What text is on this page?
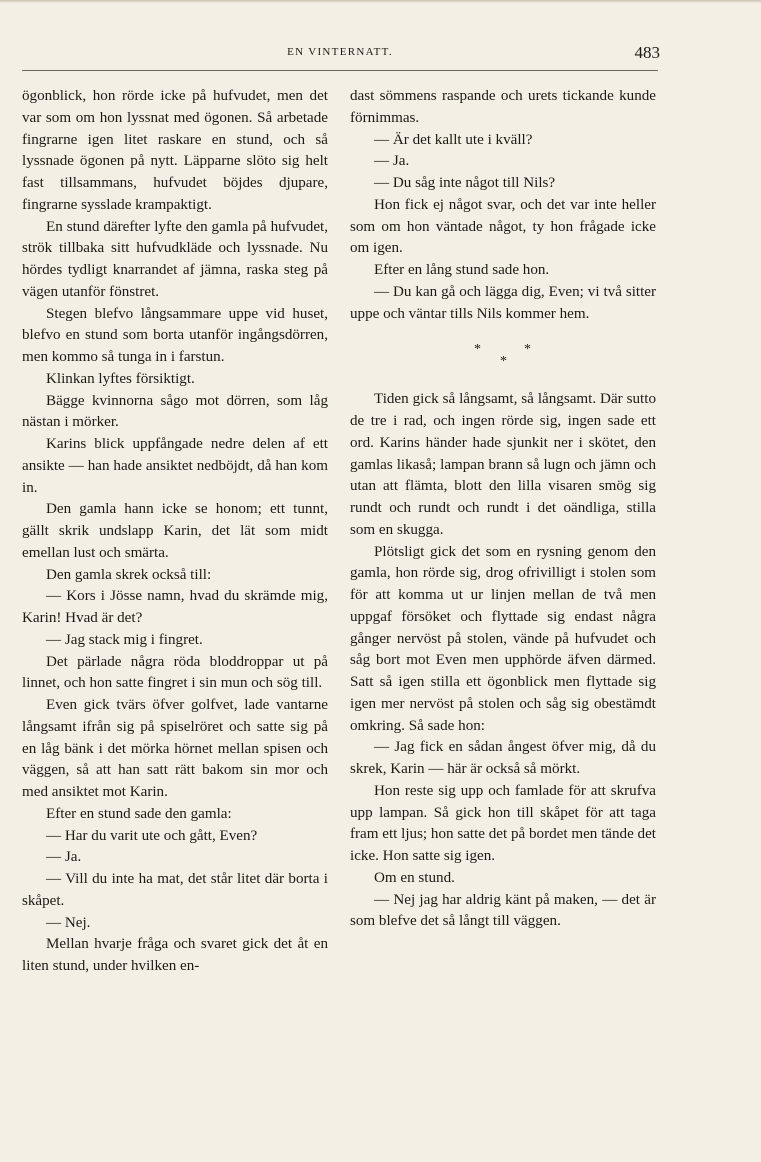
EN VINTERNATT.	483

ögonblick, hon rörde icke på hufvudet, men det var som om hon lyssnat med ögonen. Så arbetade fingrarne igen litet raskare en stund, och så lyssnade ögonen på nytt. Läpparne slöto sig helt fast tillsammans, hufvudet böjdes djupare, fingrarne sysslade krampaktigt.

En stund därefter lyfte den gamla på hufvudet, strök tillbaka sitt hufvudkläde och lyssnade. Nu hördes tydligt knarrandet af jämna, raska steg på vägen utanför fönstret.

Stegen blefvo långsammare uppe vid huset, blefvo en stund som borta utanför ingångsdörren, men kommo så tunga in i farstun.

Klinkan lyftes försiktigt.

Bägge kvinnorna sågo mot dörren, som låg nästan i mörker.

Karins blick uppfångade nedre delen af ett ansikte — han hade ansiktet nedböjdt, då han kom in.

Den gamla hann icke se honom; ett tunnt, gällt skrik undslapp Karin, det lät som midt emellan lust och smärta.

Den gamla skrek också till:

— Kors i Jösse namn, hvad du skrämde mig, Karin! Hvad är det?

— Jag stack mig i fingret.

Det pärlade några röda bloddroppar ut på linnet, och hon satte fingret i sin mun och sög till.

Even gick tvärs öfver golfvet, lade vantarne långsamt ifrån sig på spiselröret och satte sig på en låg bänk i det mörka hörnet mellan spisen och väggen, så att han satt rätt bakom sin mor och med ansiktet mot Karin.

Efter en stund sade den gamla:

— Har du varit ute och gått, Even?

— Ja.

— Vill du inte ha mat, det står litet där borta i skåpet.

— Nej.

Mellan hvarje fråga och svaret gick det åt en liten stund, under hvilken en-

dast sömmens raspande och urets tickande kunde förnimmas.

— Är det kallt ute i kväll?

— Ja.

— Du såg inte något till Nils?

Hon fick ej något svar, och det var inte heller som om hon väntade något, ty hon frågade icke om igen.

Efter en lång stund sade hon.

— Du kan gå och lägga dig, Even; vi två sitter uppe och väntar tills Nils kommer hem.

*
*
*

Tiden gick så långsamt, så långsamt. Där sutto de tre i rad, och ingen rörde sig, ingen sade ett ord. Karins händer hade sjunkit ner i skötet, den gamlas likaså; lampan brann så lugn och jämn och utan att flämta, blott den lilla visaren smög sig rundt och rundt och rundt i det oändliga, stilla som en skugga.

Plötsligt gick det som en rysning genom den gamla, hon rörde sig, drog ofrivilligt i stolen som för att komma ut ur linjen mellan de två men uppgaf försöket och flyttade sig endast några gånger nervöst på stolen, vände på hufvudet och såg bort mot Even men upphörde äfven därmed. Satt så igen stilla ett ögonblick men flyttade sig igen mer nervöst på stolen och såg sig obestämdt omkring. Så sade hon:

— Jag fick en sådan ångest öfver mig, då du skrek, Karin — här är också så mörkt.

Hon reste sig upp och famlade för att skrufva upp lampan. Så gick hon till skåpet för att taga fram ett ljus; hon satte det på bordet men tände det icke. Hon satte sig igen.

Om en stund.

— Nej jag har aldrig känt på maken, — det är som blefve det så långt till väggen.
